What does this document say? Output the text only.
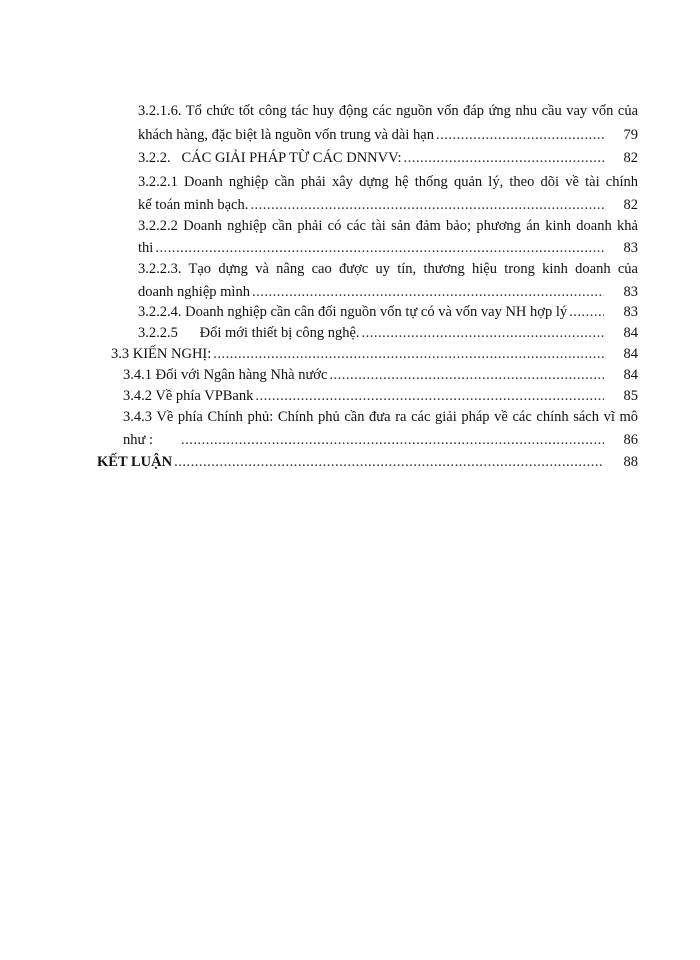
3.2.1.6. Tổ chức tốt công tác huy động các nguồn vốn đáp ứng nhu cầu vay vốn của
khách hàng, đặc biệt là nguồn vốn trung và dài hạn .....	79
3.2.2.   CÁC GIẢI PHÁP TỪ CÁC DNNVV: .....	82
3.2.2.1 Doanh nghiệp cần phải xây dựng hệ thống quản lý, theo dõi về tài chính
kế toán minh bạch. .....	82
3.2.2.2 Doanh nghiệp cần phải có các tài sản đảm bảo; phương án kinh doanh khả
thi .....	83
3.2.2.3. Tạo dựng và nâng cao được uy tín, thương hiệu trong kinh doanh của
doanh nghiệp mình .....	83
3.2.2.4. Doanh nghiệp cần cân đối nguồn vốn tự có và vốn vay NH hợp lý .....	83
3.2.2.5      Đổi mới thiết bị công nghệ. .....	84
3.3 KIẾN NGHỊ: .....	84
3.4.1 Đối với Ngân hàng Nhà nước .....	84
3.4.2 Về phía VPBank .....	85
3.4.3 Về phía Chính phủ: Chính phủ cần đưa ra các giải pháp về các chính sách vĩ mô
như : .....	86
KẾT LUẬN .....	88
